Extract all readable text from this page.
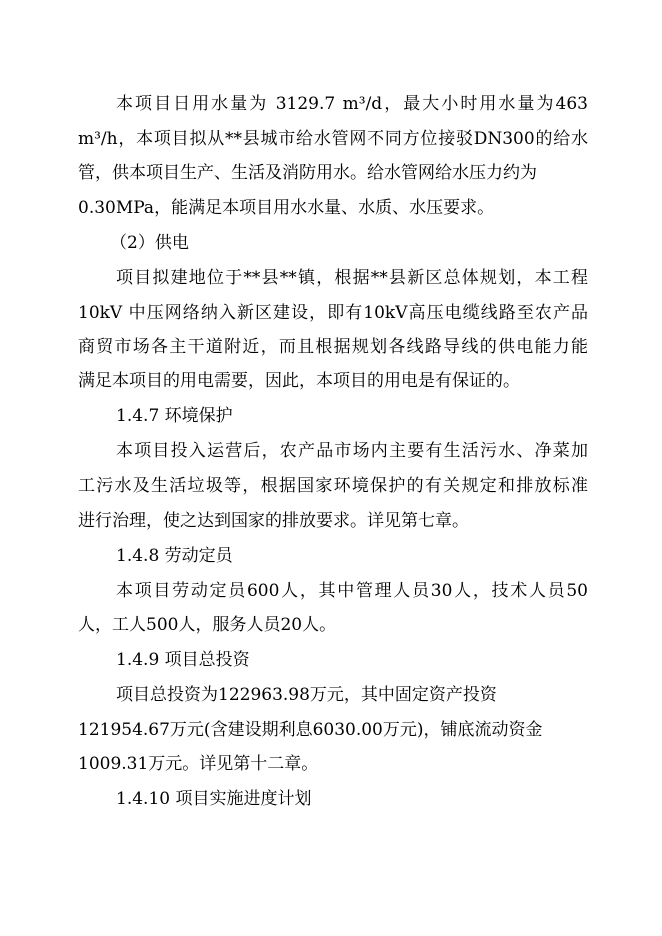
本项目日用水量为 3129.7 m³/d，最大小时用水量为463
m³/h，本项目拟从**县城市给水管网不同方位接驳DN300的给水
管，供本项目生产、生活及消防用水。给水管网给水压力约为
0.30MPa，能满足本项目用水水量、水质、水压要求。
（2）供电
项目拟建地位于**县**镇，根据**县新区总体规划，本工程
10kV 中压网络纳入新区建设，即有10kV高压电缆线路至农产品
商贸市场各主干道附近，而且根据规划各线路导线的供电能力能
满足本项目的用电需要，因此，本项目的用电是有保证的。
1.4.7 环境保护
本项目投入运营后，农产品市场内主要有生活污水、净菜加
工污水及生活垃圾等，根据国家环境保护的有关规定和排放标准
进行治理，使之达到国家的排放要求。详见第七章。
1.4.8 劳动定员
本项目劳动定员600人，其中管理人员30人，技术人员50
人，工人500人，服务人员20人。
1.4.9 项目总投资
项目总投资为122963.98万元，其中固定资产投资
121954.67万元(含建设期利息6030.00万元)，铺底流动资金
1009.31万元。详见第十二章。
1.4.10 项目实施进度计划
